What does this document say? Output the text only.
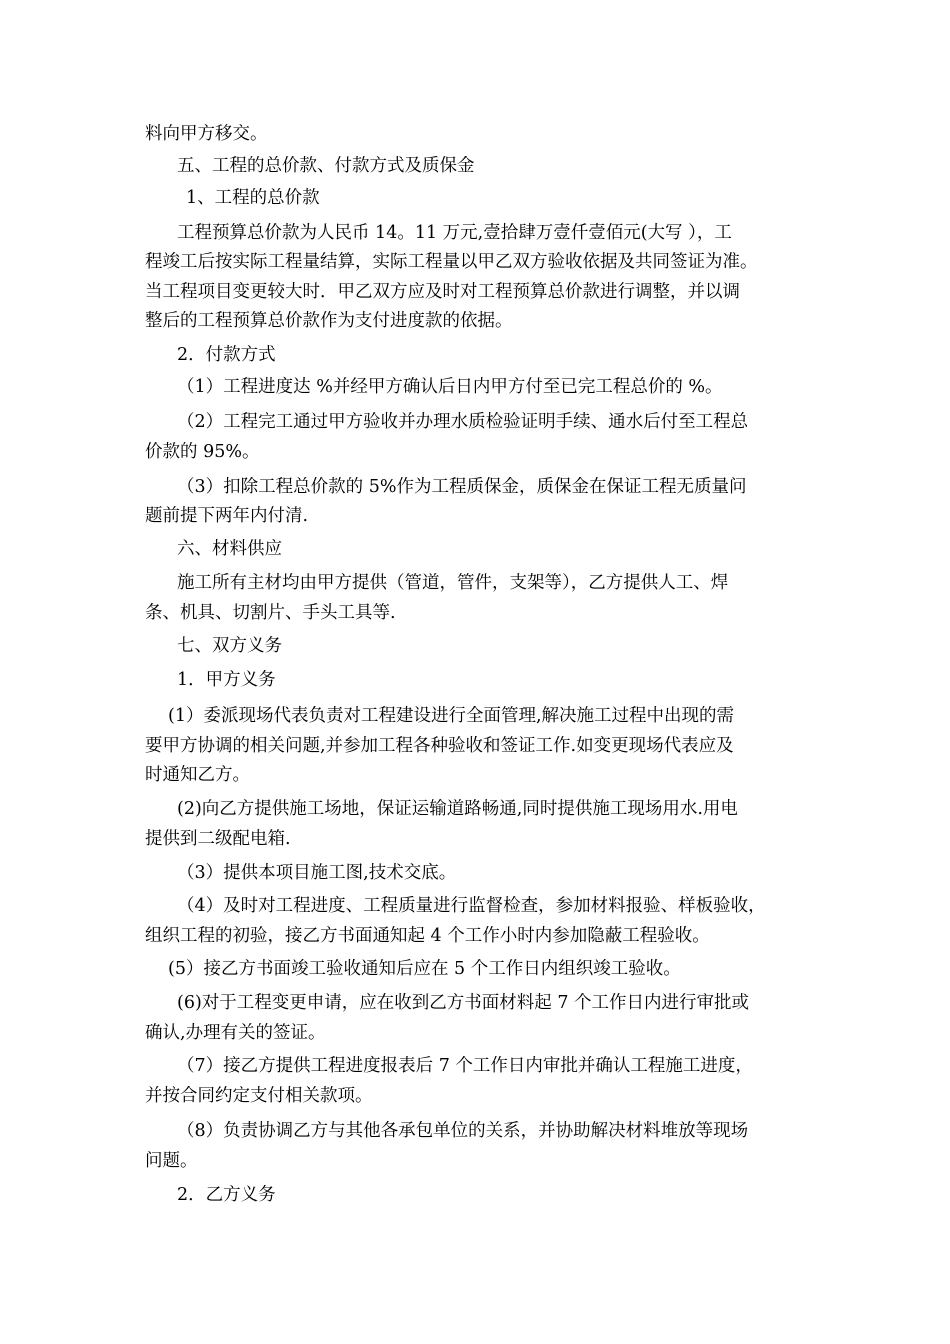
料向甲方移交。
五、工程的总价款、付款方式及质保金
1、工程的总价款
工程预算总价款为人民币 14。11 万元,壹拾肆万壹仟壹佰元(大写 ），工
程竣工后按实际工程量结算，实际工程量以甲乙双方验收依据及共同签证为准。
当工程项目变更较大时．甲乙双方应及时对工程预算总价款进行调整，并以调
整后的工程预算总价款作为支付进度款的依据。
2．付款方式
（1）工程进度达 %并经甲方确认后日内甲方付至已完工程总价的 %。
（2）工程完工通过甲方验收并办理水质检验证明手续、通水后付至工程总
价款的 95%。
（3）扣除工程总价款的 5%作为工程质保金，质保金在保证工程无质量问
题前提下两年内付清.
六、材料供应
施工所有主材均由甲方提供（管道，管件，支架等），乙方提供人工、焊
条、机具、切割片、手头工具等.
七、双方义务
1．甲方义务
(1）委派现场代表负责对工程建设进行全面管理,解决施工过程中出现的需
要甲方协调的相关问题,并参加工程各种验收和签证工作.如变更现场代表应及
时通知乙方。
(2)向乙方提供施工场地，保证运输道路畅通,同时提供施工现场用水.用电
提供到二级配电箱.
（3）提供本项目施工图,技术交底。
（4）及时对工程进度、工程质量进行监督检查，参加材料报验、样板验收，
组织工程的初验，接乙方书面通知起 4 个工作小时内参加隐蔽工程验收。
(5）接乙方书面竣工验收通知后应在 5 个工作日内组织竣工验收。
(6)对于工程变更申请，应在收到乙方书面材料起 7 个工作日内进行审批或
确认,办理有关的签证。
（7）接乙方提供工程进度报表后 7 个工作日内审批并确认工程施工进度，
并按合同约定支付相关款项。
（8）负责协调乙方与其他各承包单位的关系，并协助解决材料堆放等现场
问题。
2．乙方义务
